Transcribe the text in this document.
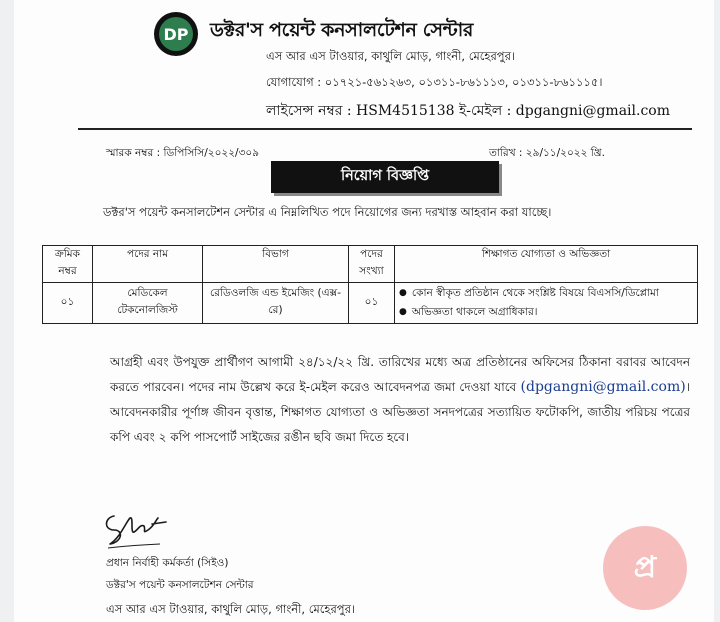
DP ডক্টর'স পয়েন্ট কনসালটেশন সেন্টার
এস আর এস টাওয়ার, কাথুলি মোড়, গাংনী, মেহেরপুর।
যোগাযোগ : ০১৭২১-৫৬১২৬৩, ০১৩১১-৮৬১১১৩, ০১৩১১-৮৬১১১৫।
লাইসেন্স নম্বর : HSM4515138 ই-মেইল : dpgangni@gmail.com
স্মারক নম্বর : ডিপিসিসি/২০২২/৩০৯	তারিখ : ২৯/১১/২০২২ খ্রি.
নিয়োগ বিজ্ঞপ্তি
ডক্টর'স পয়েন্ট কনসালটেশন সেন্টার এ নিম্নলিখিত পদে নিয়োগের জন্য দরখাস্ত আহবান করা যাচ্ছে।
ক্রমিক নম্বর	পদের নাম	বিভাগ	পদের সংখ্যা	শিক্ষাগত যোগ্যতা ও অভিজ্ঞতা
০১	মেডিকেল টেকনোলজিস্ট	রেডিওলজি এন্ড ইমেজিং (এক্স-রে)	০১	● কোন স্বীকৃত প্রতিষ্ঠান থেকে সংশ্লিষ্ট বিষয়ে বিএসসি/ডিপ্লোমা
● অভিজ্ঞতা থাকলে অগ্রাধিকার।
আগ্রহী এবং উপযুক্ত প্রার্থীগণ আগামী ২৪/১২/২২ খ্রি. তারিখের মধ্যে অত্র প্রতিষ্ঠানের অফিসের ঠিকানা বরাবর আবেদন করতে পারবেন। পদের নাম উল্লেখ করে ই-মেইল করেও আবেদনপত্র জমা দেওয়া যাবে (dpgangni@gmail.com)। আবেদনকারীর পূর্ণাঙ্গ জীবন বৃত্তান্ত, শিক্ষাগত যোগ্যতা ও অভিজ্ঞতা সনদপত্রের সত্যায়িত ফটোকপি, জাতীয় পরিচয় পত্রের কপি এবং ২ কপি পাসপোর্ট সাইজের রঙীন ছবি জমা দিতে হবে।
প্রধান নির্বাহী কর্মকর্তা (সিইও)
ডক্টর'স পয়েন্ট কনসালটেশন সেন্টার
এস আর এস টাওয়ার, কাথুলি মোড়, গাংনী, মেহেরপুর।
প্র
